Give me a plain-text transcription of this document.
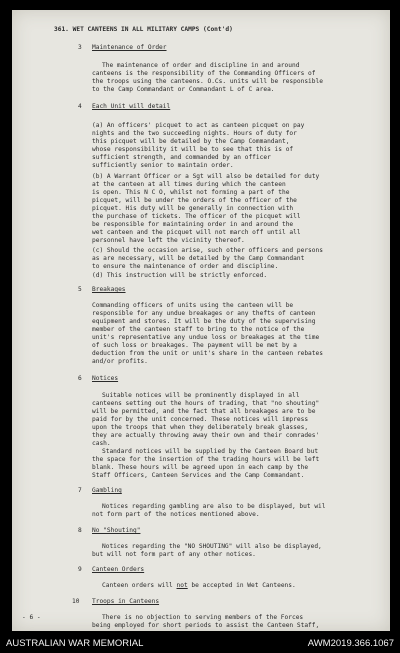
361. WET CANTEENS IN ALL MILITARY CAMPS (Cont'd)
3 Maintenance of Order
The maintenance of order and discipline in and around
canteens is the responsibility of the Commanding Officers of
the troops using the canteens. O.Cs. units will be responsible
to the Camp Commandant or Commandant L of C area.
4 Each Unit will detail
(a) An officers' picquet to act as canteen picquet on pay
nights and the two succeeding nights. Hours of duty for
this picquet will be detailed by the Camp Commandant,
whose responsibility it will be to see that this is of
sufficient strength, and commanded by an officer
sufficiently senior to maintain order.
(b) A Warrant Officer or a Sgt will also be detailed for duty
at the canteen at all times during which the canteen
is open. This N C O, whilst not forming a part of the
picquet, will be under the orders of the officer of the
picquet. His duty will be generally in connection with
the purchase of tickets. The officer of the picquet will
be responsible for maintaining order in and around the
wet canteen and the picquet will not march off until all
personnel have left the vicinity thereof.
(c) Should the occasion arise, such other officers and persons
as are necessary, will be detailed by the Camp Commandant
to ensure the maintenance of order and discipline.
(d) This instruction will be strictly enforced.
5 Breakages
Commanding officers of units using the canteen will be
responsible for any undue breakages or any thefts of canteen
equipment and stores. It will be the duty of the supervising
member of the canteen staff to bring to the notice of the
unit's representative any undue loss or breakages at the time
of such loss or breakages. The payment will be met by a
deduction from the unit or unit's share in the canteen rebates
and/or profits.
6 Notices
Suitable notices will be prominently displayed in all
canteens setting out the hours of trading, that "no shouting"
will be permitted, and the fact that all breakages are to be
paid for by the unit concerned. These notices will impress
upon the troops that when they deliberately break glasses,
they are actually throwing away their own and their comrades'
cash.
Standard notices will be supplied by the Canteen Board but
the space for the insertion of the trading hours will be left
blank. These hours will be agreed upon in each camp by the
Staff Officers, Canteen Services and the Camp Commandant.
7 Gambling
Notices regarding gambling are also to be displayed, but wil
not form part of the notices mentioned above.
8 No "Shouting"
Notices regarding the "NO SHOUTING" will also be displayed,
but will not form part of any other notices.
9 Canteen Orders
Canteen orders will not be accepted in Wet Canteens.
10 Troops in Canteens
- 6 -	There is no objection to serving members of the Forces
being employed for short periods to assist the Canteen Staff,
AUSTRALIAN WAR MEMORIAL	AWM2019.366.1067
